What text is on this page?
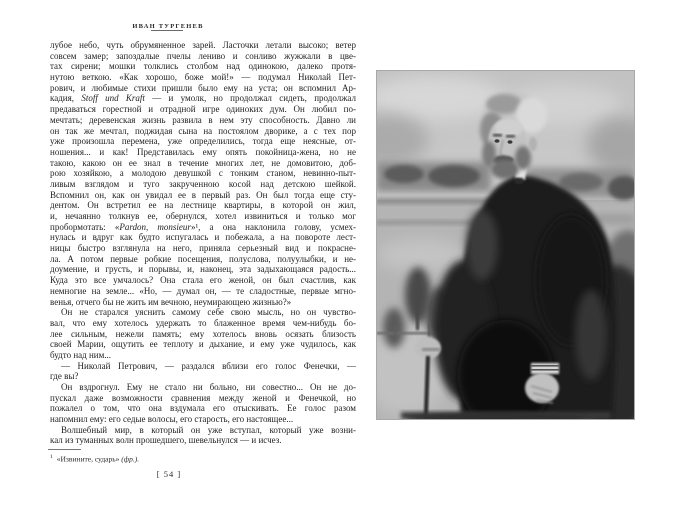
ИВАН ТУРГЕНЕВ
лубое небо, чуть обрумяненное зарей. Ласточки летали высоко; ветер
совсем замер; запоздалые пчелы лениво и сонливо жужжали в цве-
тах сирени; мошки толклись столбом над одинокою, далеко протя-
нутою веткою. «Как хорошо, боже мой!» — подумал Николай Пет-
рович, и любимые стихи пришли было ему на уста; он вспомнил Ар-
кадия, Stoff und Kraft — и умолк, но продолжал сидеть, продолжал
предаваться горестной и отрадной игре одиноких дум. Он любил по-
мечтать; деревенская жизнь развила в нем эту способность. Давно ли
он так же мечтал, поджидая сына на постоялом дворике, а с тех пор
уже произошла перемена, уже определились, тогда еще неясные, от-
ношения... и как! Представилась ему опять покойница-жена, но не
такою, какою он ее знал в течение многих лет, не домовитою, доб-
рою хозяйкою, а молодою девушкой с тонким станом, невинно-пыт-
ливым взглядом и туго закрученною косой над детскою шейкой.
Вспомнил он, как он увидал ее в первый раз. Он был тогда еще сту-
дентом. Он встретил ее на лестнице квартиры, в которой он жил,
и, нечаянно толкнув ее, обернулся, хотел извиниться и только мог
пробормотать: «Pardon, monsieur»¹, а она наклонила голову, усмех-
нулась и вдруг как будто испугалась и побежала, а на повороте лест-
ницы быстро взглянула на него, приняла серьезный вид и покрасне-
ла. А потом первые робкие посещения, полуслова, полуулыбки, и не-
доумение, и грусть, и порывы, и, наконец, эта задыхающаяся радость...
Куда это все умчалось? Она стала его женой, он был счастлив, как
немногие на земле... «Но, — думал он, — те сладостные, первые мгно-
венья, отчего бы не жить им вечною, неумирающею жизнью?»
Он не старался уяснить самому себе свою мысль, но он чувство-
вал, что ему хотелось удержать то блаженное время чем-нибудь бо-
лее сильным, нежели память; ему хотелось вновь осязать близость
своей Марии, ощутить ее теплоту и дыхание, и ему уже чудилось, как
будто над ним...
— Николай Петрович, — раздался вблизи его голос Фенечки, —
где вы?
Он вздрогнул. Ему не стало ни больно, ни совестно... Он не до-
пускал даже возможности сравнения между женой и Фенечкой, но
пожалел о том, что она вздумала его отыскивать. Ее голос разом
напомнил ему: его седые волосы, его старость, его настоящее...
Волшебный мир, в который он уже вступал, который уже возни-
кал из туманных волн прошедшего, шевельнулся — и исчез.
$^1$ «Извините, сударь» (фр.).
[ 54 ]
